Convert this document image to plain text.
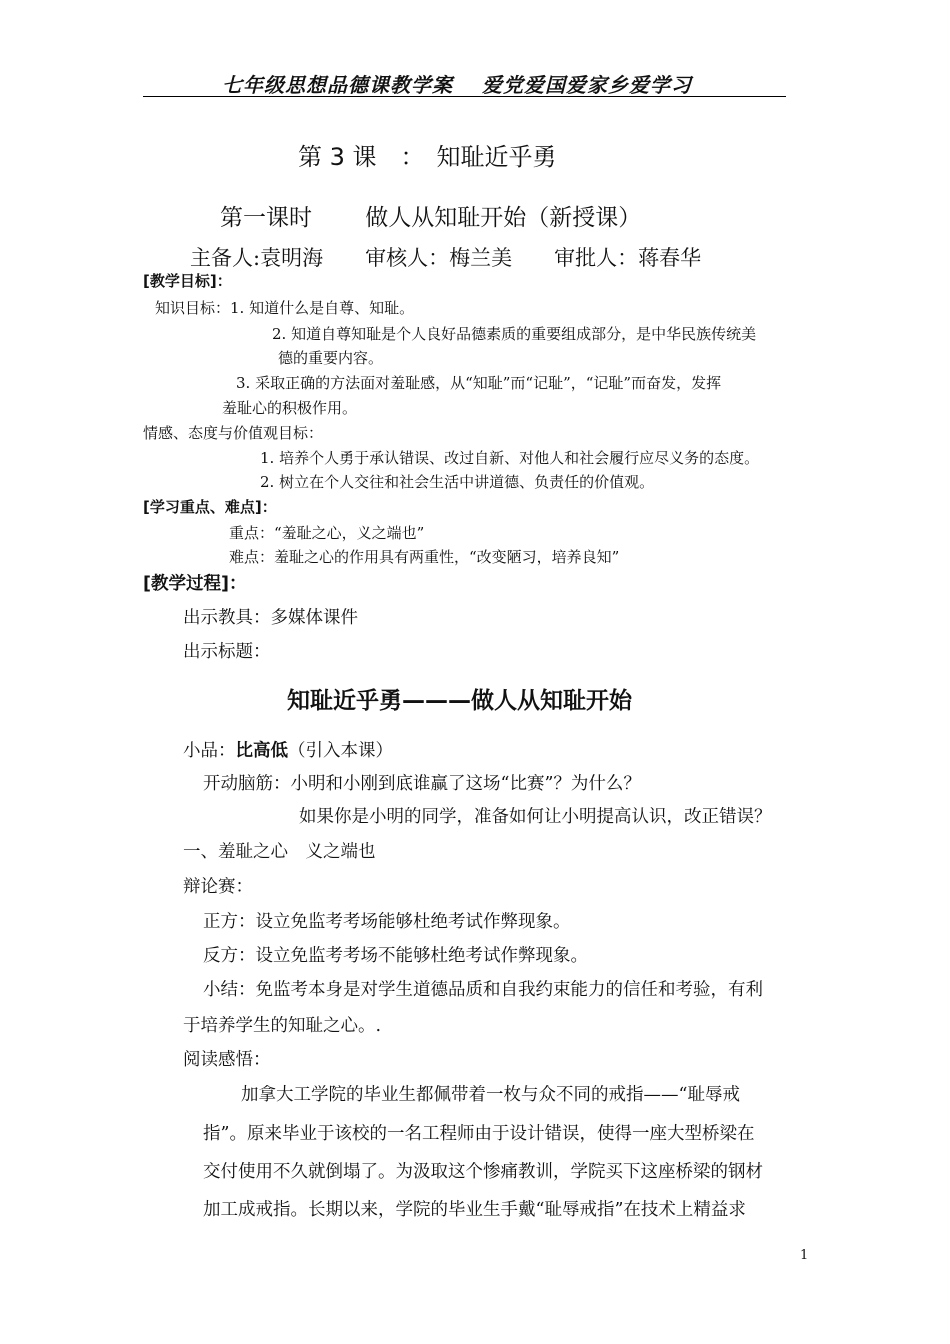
七年级思想品德课教学案　 爱党爱国爱家乡爱学习
第 3 课　：　知耻近乎勇
第一课时　　 做人从知耻开始（新授课）
主备人:袁明海　　审核人：梅兰美　　审批人：蒋春华
[教学目标]：
知识目标：1. 知道什么是自尊、知耻。
2. 知道自尊知耻是个人良好品德素质的重要组成部分，是中华民族传统美
德的重要内容。
3. 采取正确的方法面对羞耻感，从“知耻”而“记耻”，“记耻”而奋发，发挥
羞耻心的积极作用。
情感、态度与价值观目标：
1. 培养个人勇于承认错误、改过自新、对他人和社会履行应尽义务的态度。
2. 树立在个人交往和社会生活中讲道德、负责任的价值观。
[学习重点、难点]：
重点：“羞耻之心，义之端也”
难点：羞耻之心的作用具有两重性，“改变陋习，培养良知”
[教学过程]：
出示教具：多媒体课件
出示标题：
知耻近乎勇———做人从知耻开始
小品：比高低（引入本课）
开动脑筋：小明和小刚到底谁赢了这场“比赛”？为什么？
如果你是小明的同学，准备如何让小明提高认识，改正错误？
一、羞耻之心　义之端也
辩论赛：
正方：设立免监考考场能够杜绝考试作弊现象。
反方：设立免监考考场不能够杜绝考试作弊现象。
小结：免监考本身是对学生道德品质和自我约束能力的信任和考验，有利
于培养学生的知耻之心。.
阅读感悟：
加拿大工学院的毕业生都佩带着一枚与众不同的戒指——“耻辱戒
指”。原来毕业于该校的一名工程师由于设计错误，使得一座大型桥梁在
交付使用不久就倒塌了。为汲取这个惨痛教训，学院买下这座桥梁的钢材
加工成戒指。长期以来，学院的毕业生手戴“耻辱戒指”在技术上精益求
1
